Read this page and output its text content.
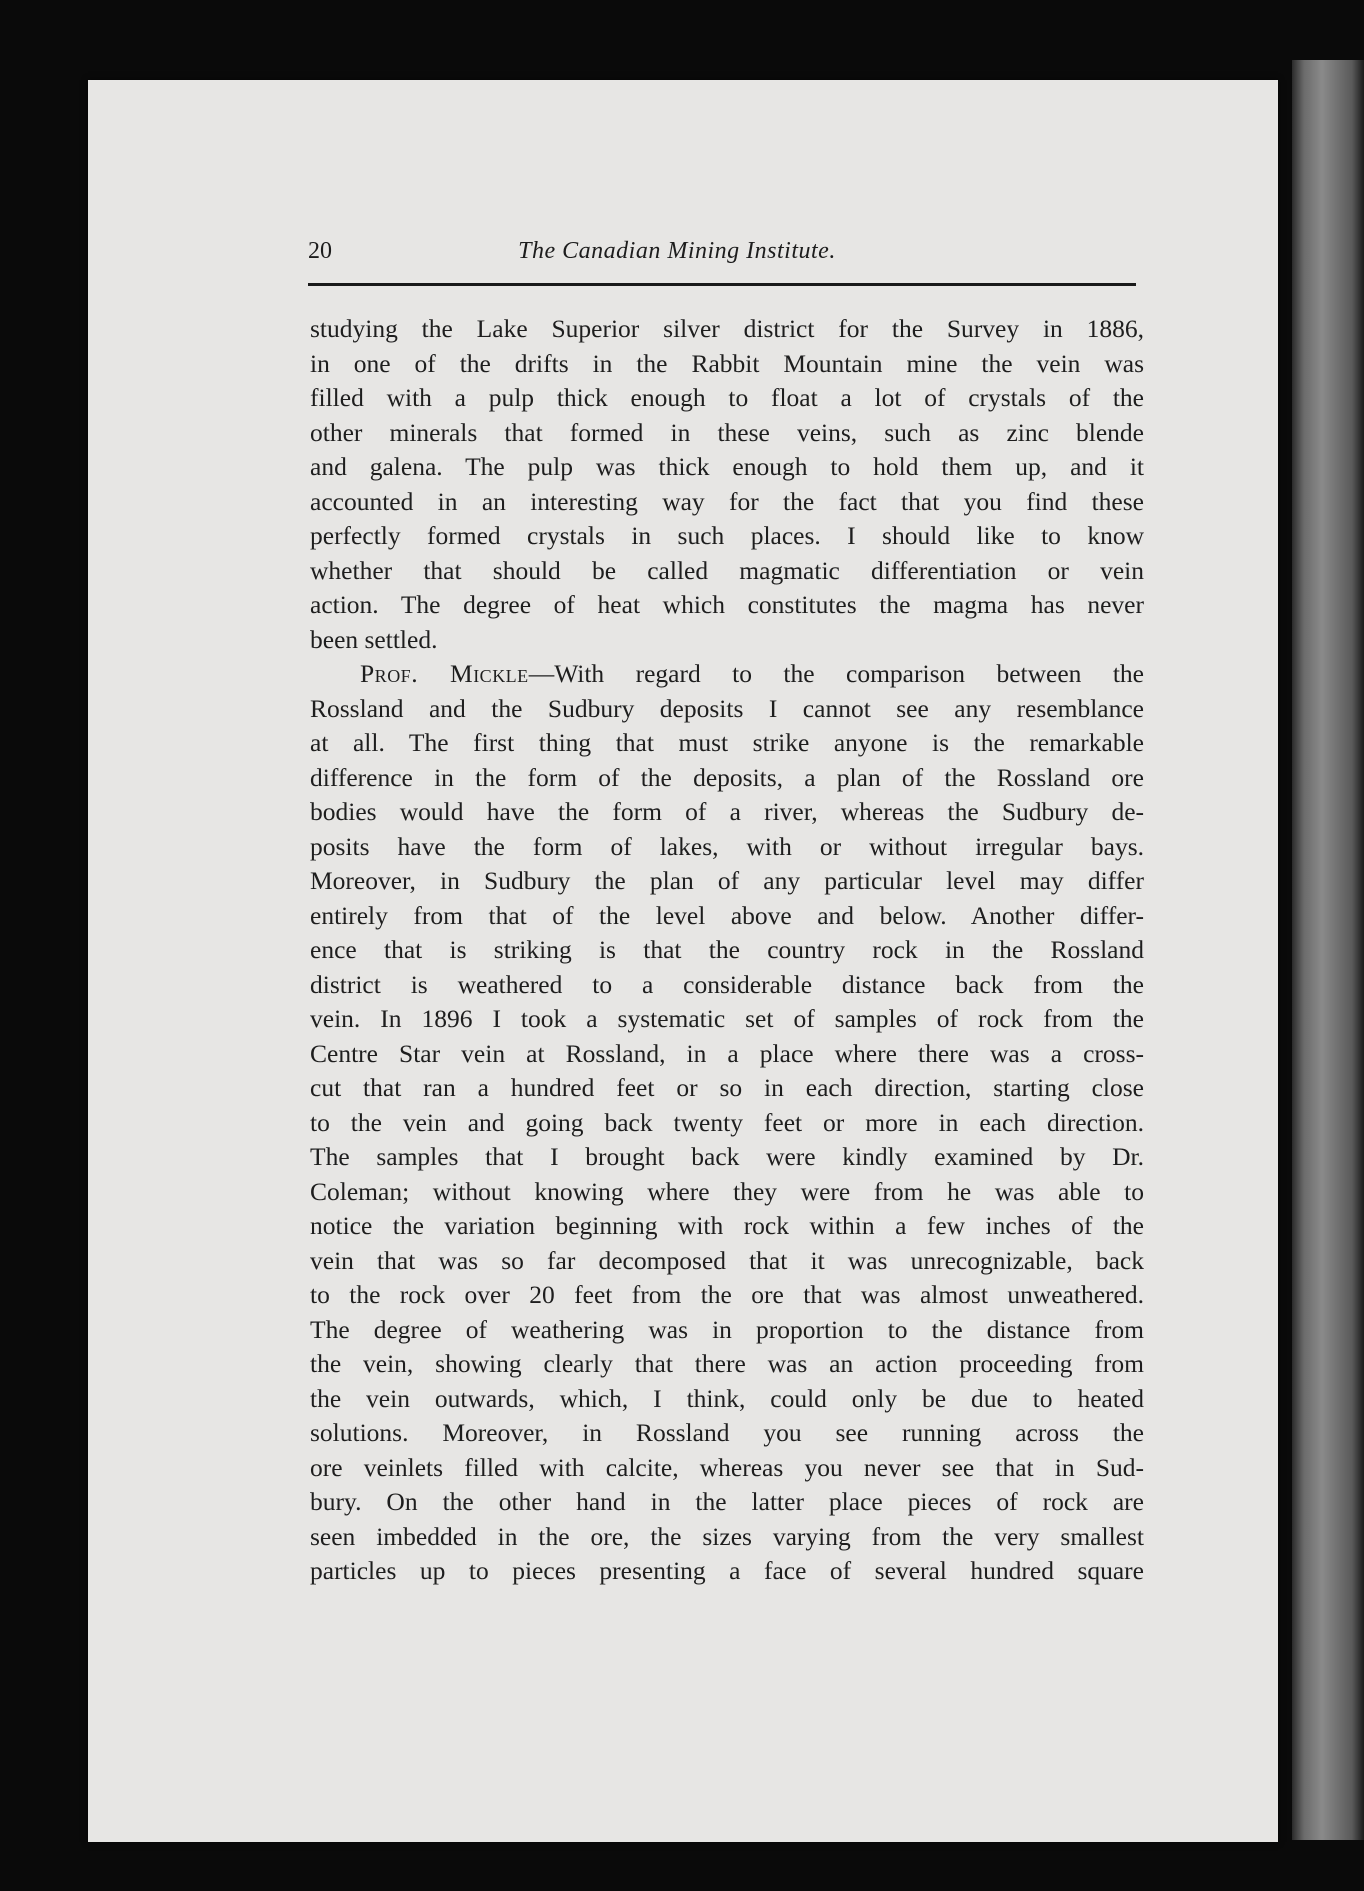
20	The Canadian Mining Institute.
studying the Lake Superior silver district for the Survey in 1886,
in one of the drifts in the Rabbit Mountain mine the vein was
filled with a pulp thick enough to float a lot of crystals of the
other minerals that formed in these veins, such as zinc blende
and galena. The pulp was thick enough to hold them up, and it
accounted in an interesting way for the fact that you find these
perfectly formed crystals in such places. I should like to know
whether that should be called magmatic differentiation or vein
action. The degree of heat which constitutes the magma has never
been settled.
Prof. Mickle—With regard to the comparison between the
Rossland and the Sudbury deposits I cannot see any resemblance
at all. The first thing that must strike anyone is the remarkable
difference in the form of the deposits, a plan of the Rossland ore
bodies would have the form of a river, whereas the Sudbury de-
posits have the form of lakes, with or without irregular bays.
Moreover, in Sudbury the plan of any particular level may differ
entirely from that of the level above and below. Another differ-
ence that is striking is that the country rock in the Rossland
district is weathered to a considerable distance back from the
vein. In 1896 I took a systematic set of samples of rock from the
Centre Star vein at Rossland, in a place where there was a cross-
cut that ran a hundred feet or so in each direction, starting close
to the vein and going back twenty feet or more in each direction.
The samples that I brought back were kindly examined by Dr.
Coleman; without knowing where they were from he was able to
notice the variation beginning with rock within a few inches of the
vein that was so far decomposed that it was unrecognizable, back
to the rock over 20 feet from the ore that was almost unweathered.
The degree of weathering was in proportion to the distance from
the vein, showing clearly that there was an action proceeding from
the vein outwards, which, I think, could only be due to heated
solutions. Moreover, in Rossland you see running across the
ore veinlets filled with calcite, whereas you never see that in Sud-
bury. On the other hand in the latter place pieces of rock are
seen imbedded in the ore, the sizes varying from the very smallest
particles up to pieces presenting a face of several hundred square
